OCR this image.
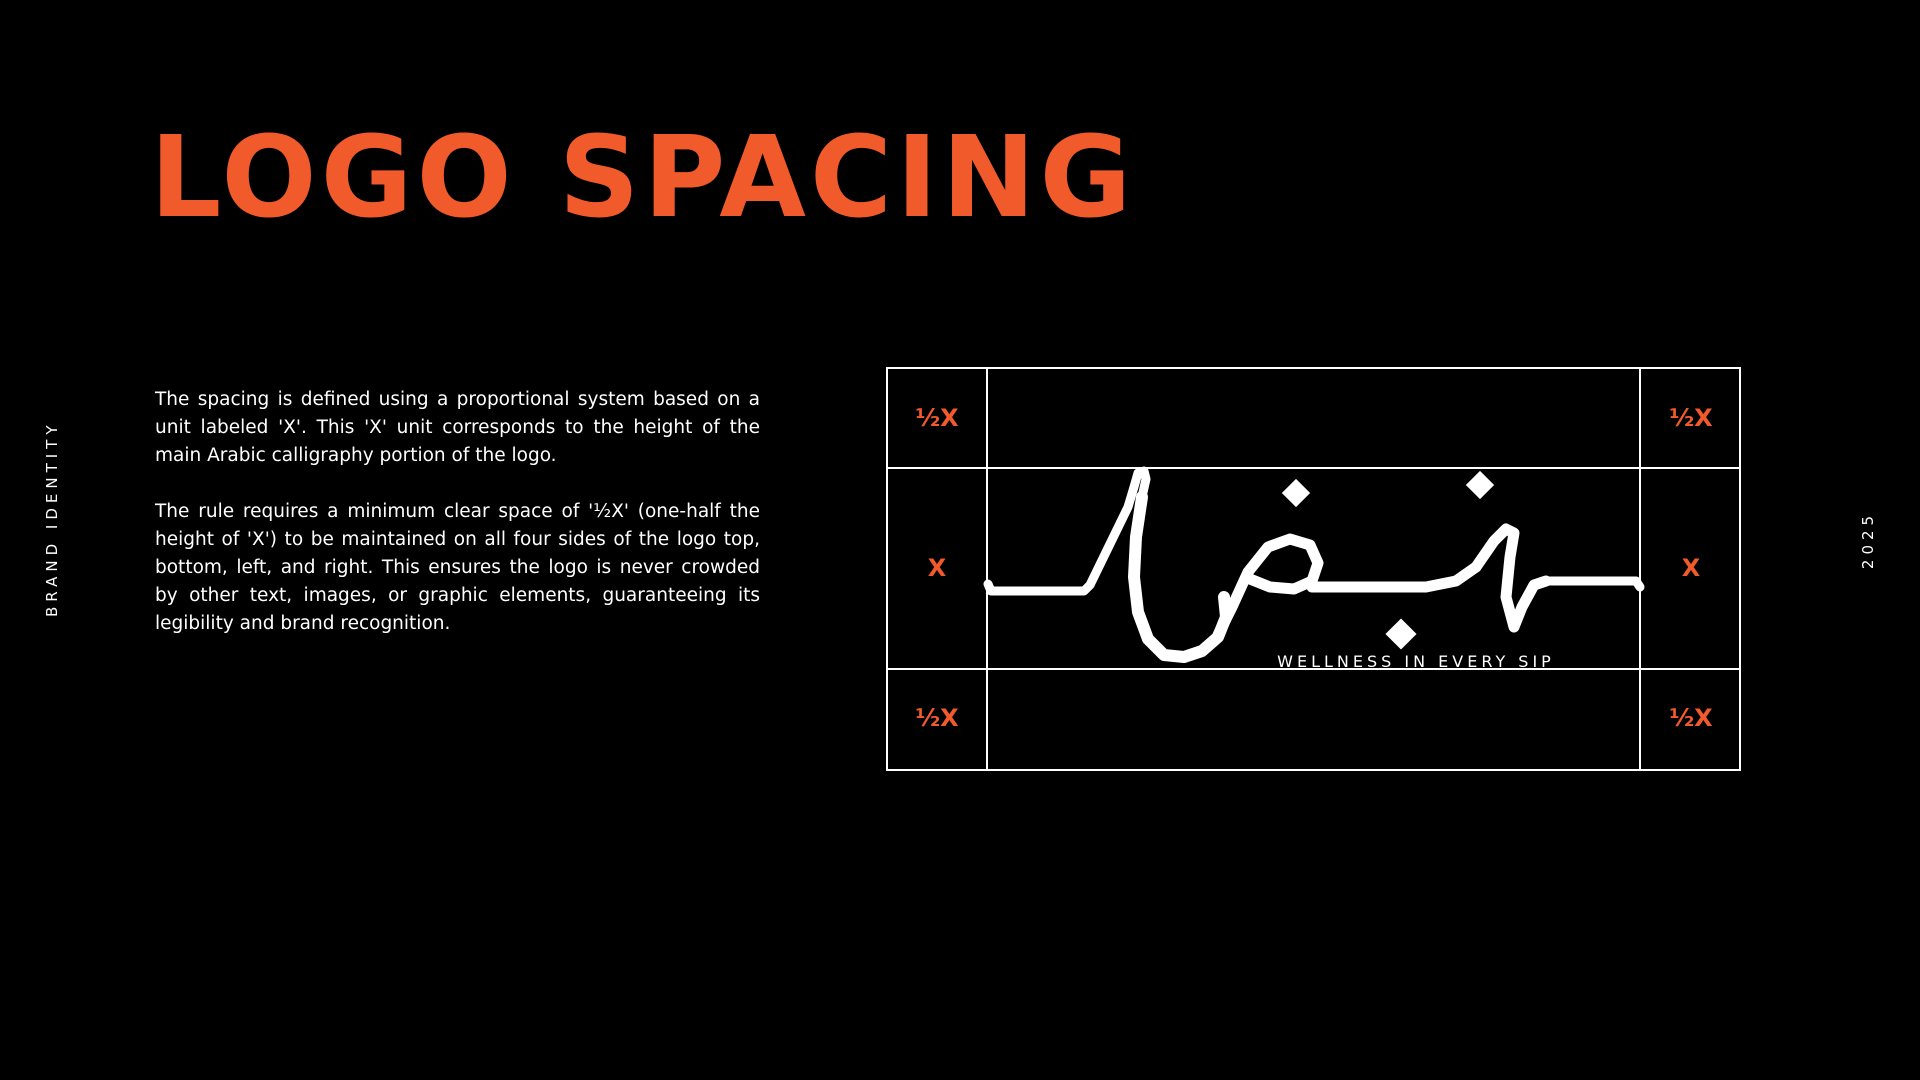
LOGO SPACING
BRAND IDENTITY	2025

The spacing is defined using a proportional system based on a unit labeled 'X'. This 'X' unit corresponds to the height of the main Arabic calligraphy portion of the logo.

The rule requires a minimum clear space of '½X' (one-half the height of 'X') to be maintained on all four sides of the logo top, bottom, left, and right. This ensures the logo is never crowded by other text, images, or graphic elements, guaranteeing its legibility and brand recognition.

½X	½X
½X	½X
X	X
WELLNESS IN EVERY SIP
